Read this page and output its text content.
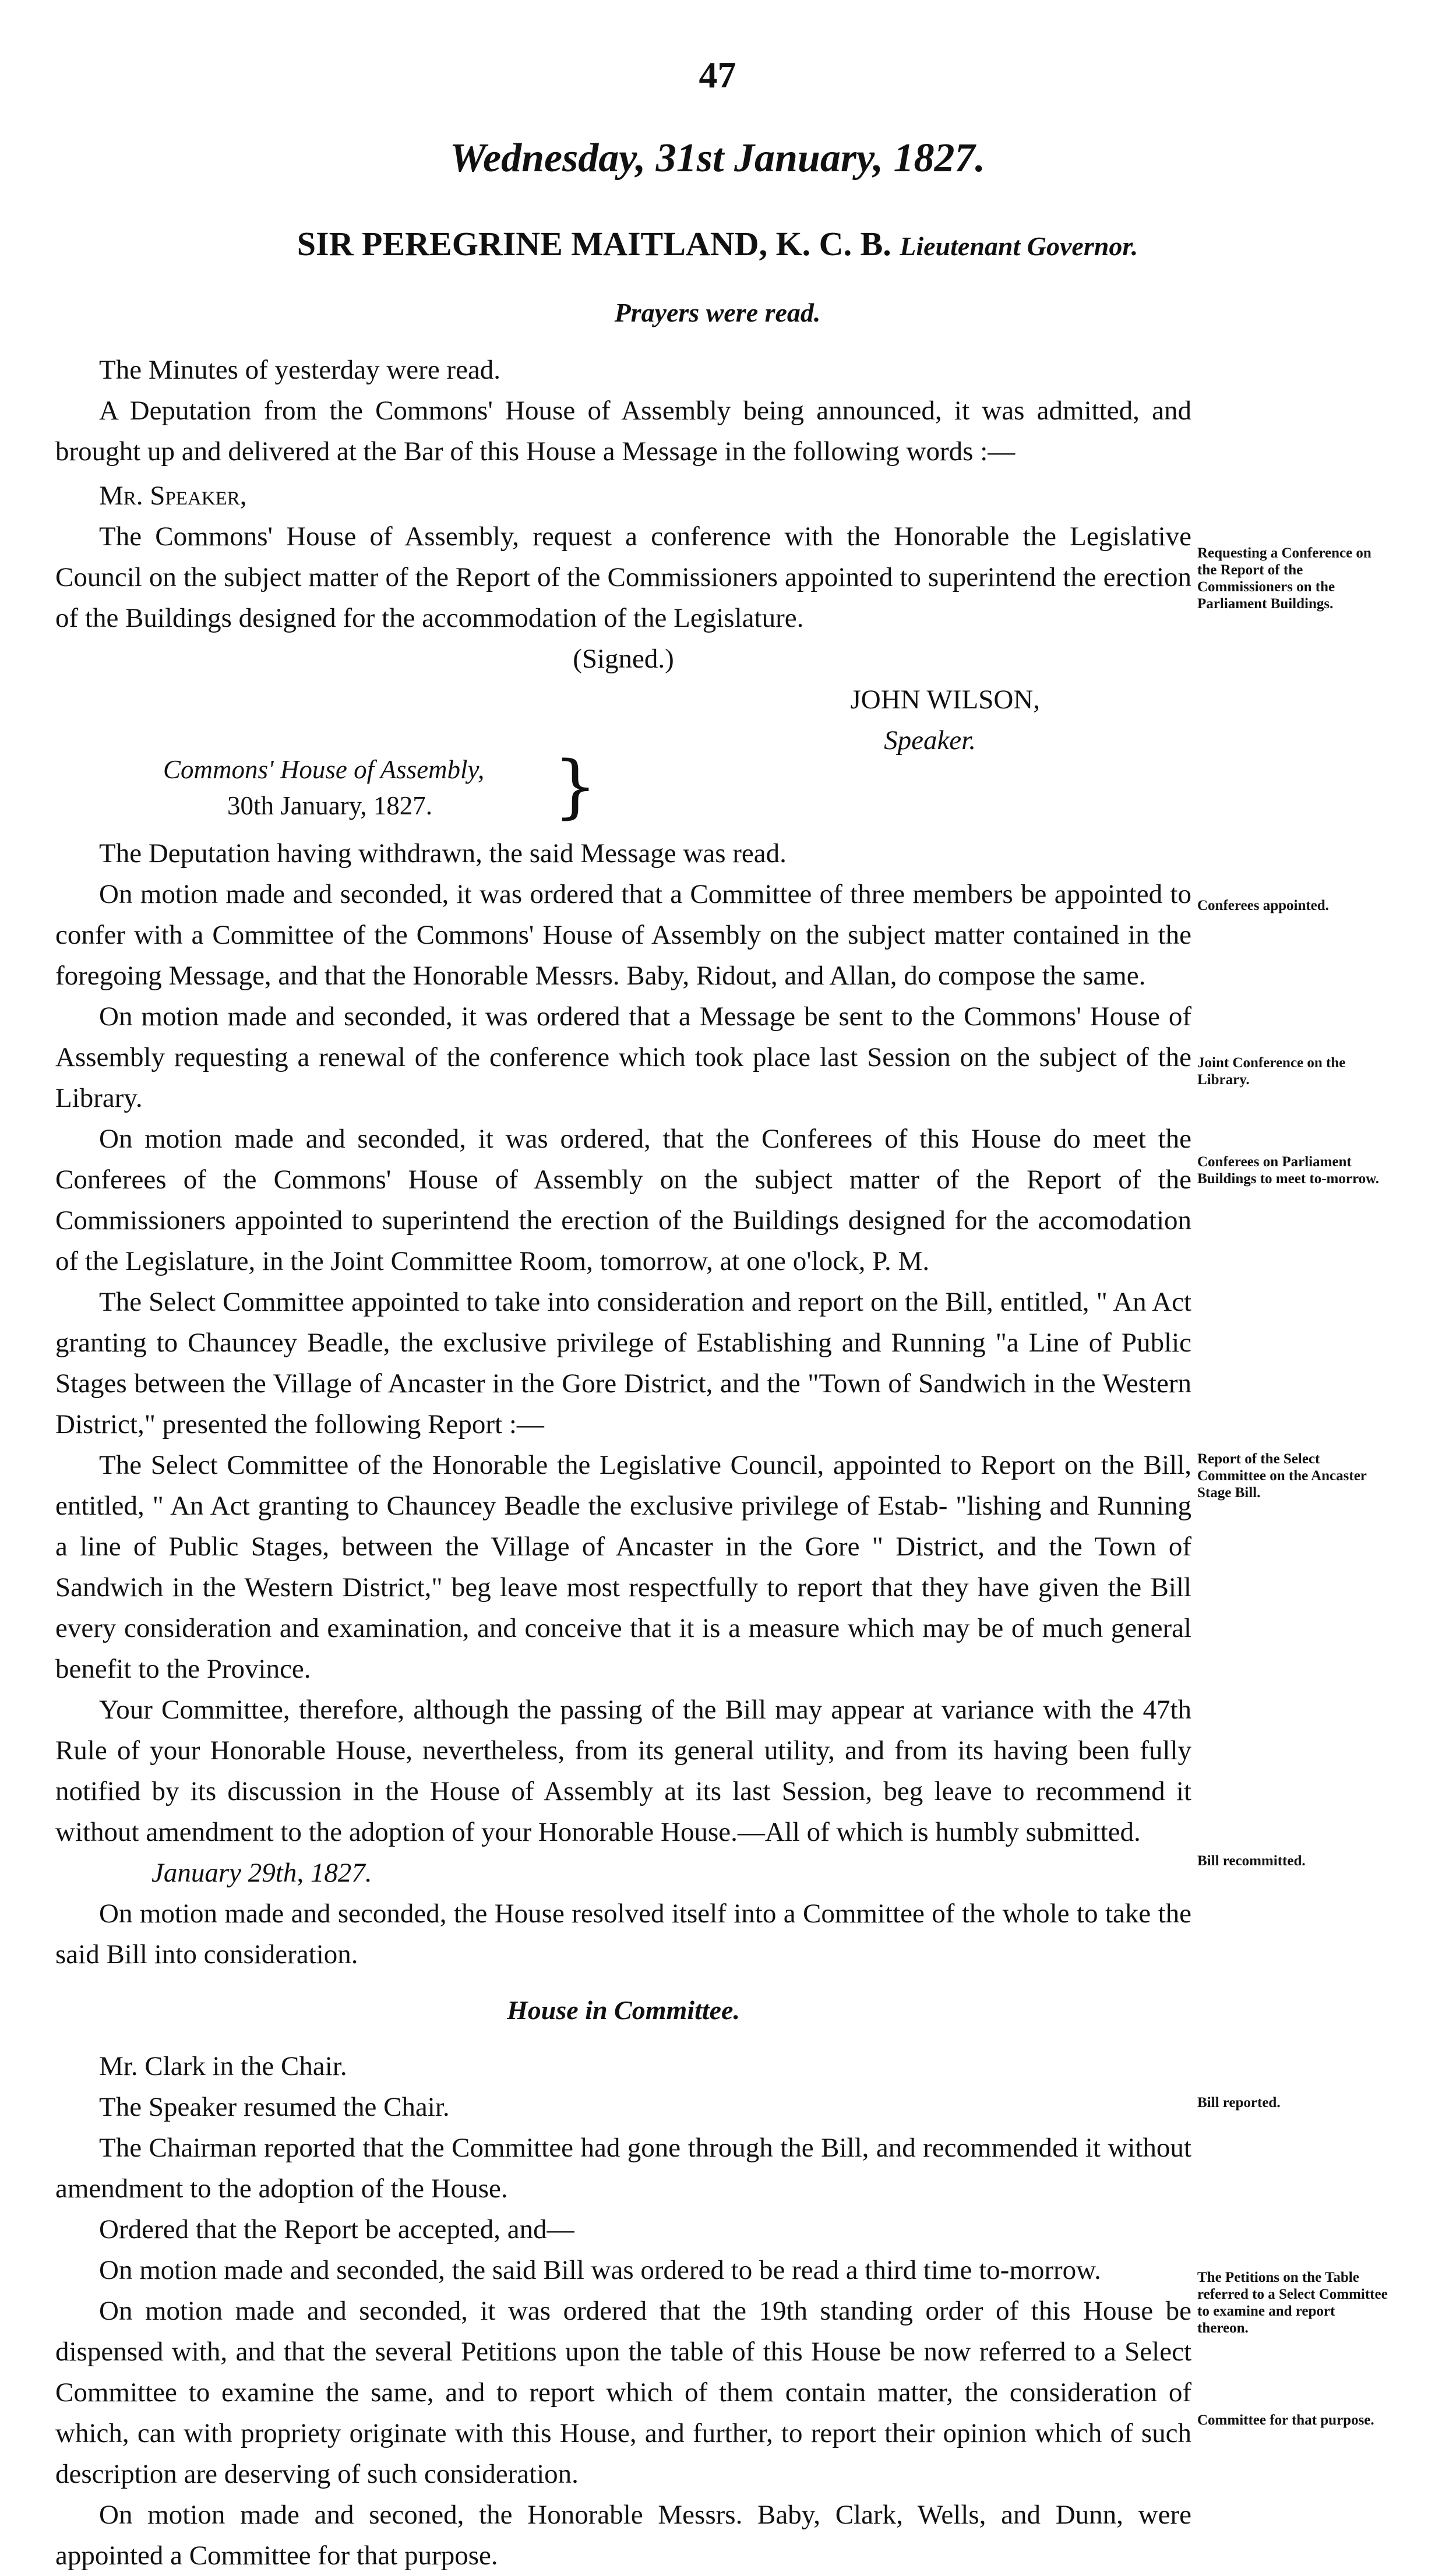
47
Wednesday, 31st January, 1827.
SIR PEREGRINE MAITLAND, K. C. B. Lieutenant Governor.
Prayers were read.

The Minutes of yesterday were read.

A Deputation from the Commons' House of Assembly being announced, it was admitted, and brought up and delivered at the Bar of this House a Message in the following words :—

Mr. Speaker,

The Commons' House of Assembly, request a conference with the Honorable the Legislative Council on the subject matter of the Report of the Commissioners appointed to superintend the erection of the Buildings designed for the accommodation of the Legislature.

(Signed.)

JOHN WILSON,

Speaker.

Commons' House of Assembly,
30th January, 1827.	}

The Deputation having withdrawn, the said Message was read.

On motion made and seconded, it was ordered that a Committee of three members be appointed to confer with a Committee of the Commons' House of Assembly on the subject matter contained in the foregoing Message, and that the Honorable Messrs. Baby, Ridout, and Allan, do compose the same.

On motion made and seconded, it was ordered that a Message be sent to the Commons' House of Assembly requesting a renewal of the conference which took place last Session on the subject of the Library.

On motion made and seconded, it was ordered, that the Conferees of this House do meet the Conferees of the Commons' House of Assembly on the subject matter of the Report of the Commissioners appointed to superintend the erection of the Buildings designed for the accomodation of the Legislature, in the Joint Committee Room, tomorrow, at one o'lock, P. M.

The Select Committee appointed to take into consideration and report on the Bill, entitled, " An Act granting to Chauncey Beadle, the exclusive privilege of Establishing and Running "a Line of Public Stages between the Village of Ancaster in the Gore District, and the "Town of Sandwich in the Western District," presented the following Report :—

The Select Committee of the Honorable the Legislative Council, appointed to Report on the Bill, entitled, " An Act granting to Chauncey Beadle the exclusive privilege of Estab- "lishing and Running a line of Public Stages, between the Village of Ancaster in the Gore " District, and the Town of Sandwich in the Western District," beg leave most respectfully to report that they have given the Bill every consideration and examination, and conceive that it is a measure which may be of much general benefit to the Province.

Your Committee, therefore, although the passing of the Bill may appear at variance with the 47th Rule of your Honorable House, nevertheless, from its general utility, and from its having been fully notified by its discussion in the House of Assembly at its last Session, beg leave to recommend it without amendment to the adoption of your Honorable House.—All of which is humbly submitted.

January 29th, 1827.

On motion made and seconded, the House resolved itself into a Committee of the whole to take the said Bill into consideration.

House in Committee.

Mr. Clark in the Chair.

The Speaker resumed the Chair.

The Chairman reported that the Committee had gone through the Bill, and recommended it without amendment to the adoption of the House.

Ordered that the Report be accepted, and—

On motion made and seconded, the said Bill was ordered to be read a third time to-morrow.

On motion made and seconded, it was ordered that the 19th standing order of this House be dispensed with, and that the several Petitions upon the table of this House be now referred to a Select Committee to examine the same, and to report which of them contain matter, the consideration of which, can with propriety originate with this House, and further, to report their opinion which of such description are deserving of such consideration.

On motion made and seconed, the Honorable Messrs. Baby, Clark, Wells, and Dunn, were appointed a Committee for that purpose.

Requesting a Conference on the Report of the Commissioners on the Parliament Buildings.
Conferees appointed.
Joint Conference on the Library.
Conferees on Parliament Buildings to meet to-morrow.
Report of the Select Committee on the Ancaster Stage Bill.
Bill recommitted.
Bill reported.
The Petitions on the Table referred to a Select Committee to examine and report thereon.
Committee for that purpose.
